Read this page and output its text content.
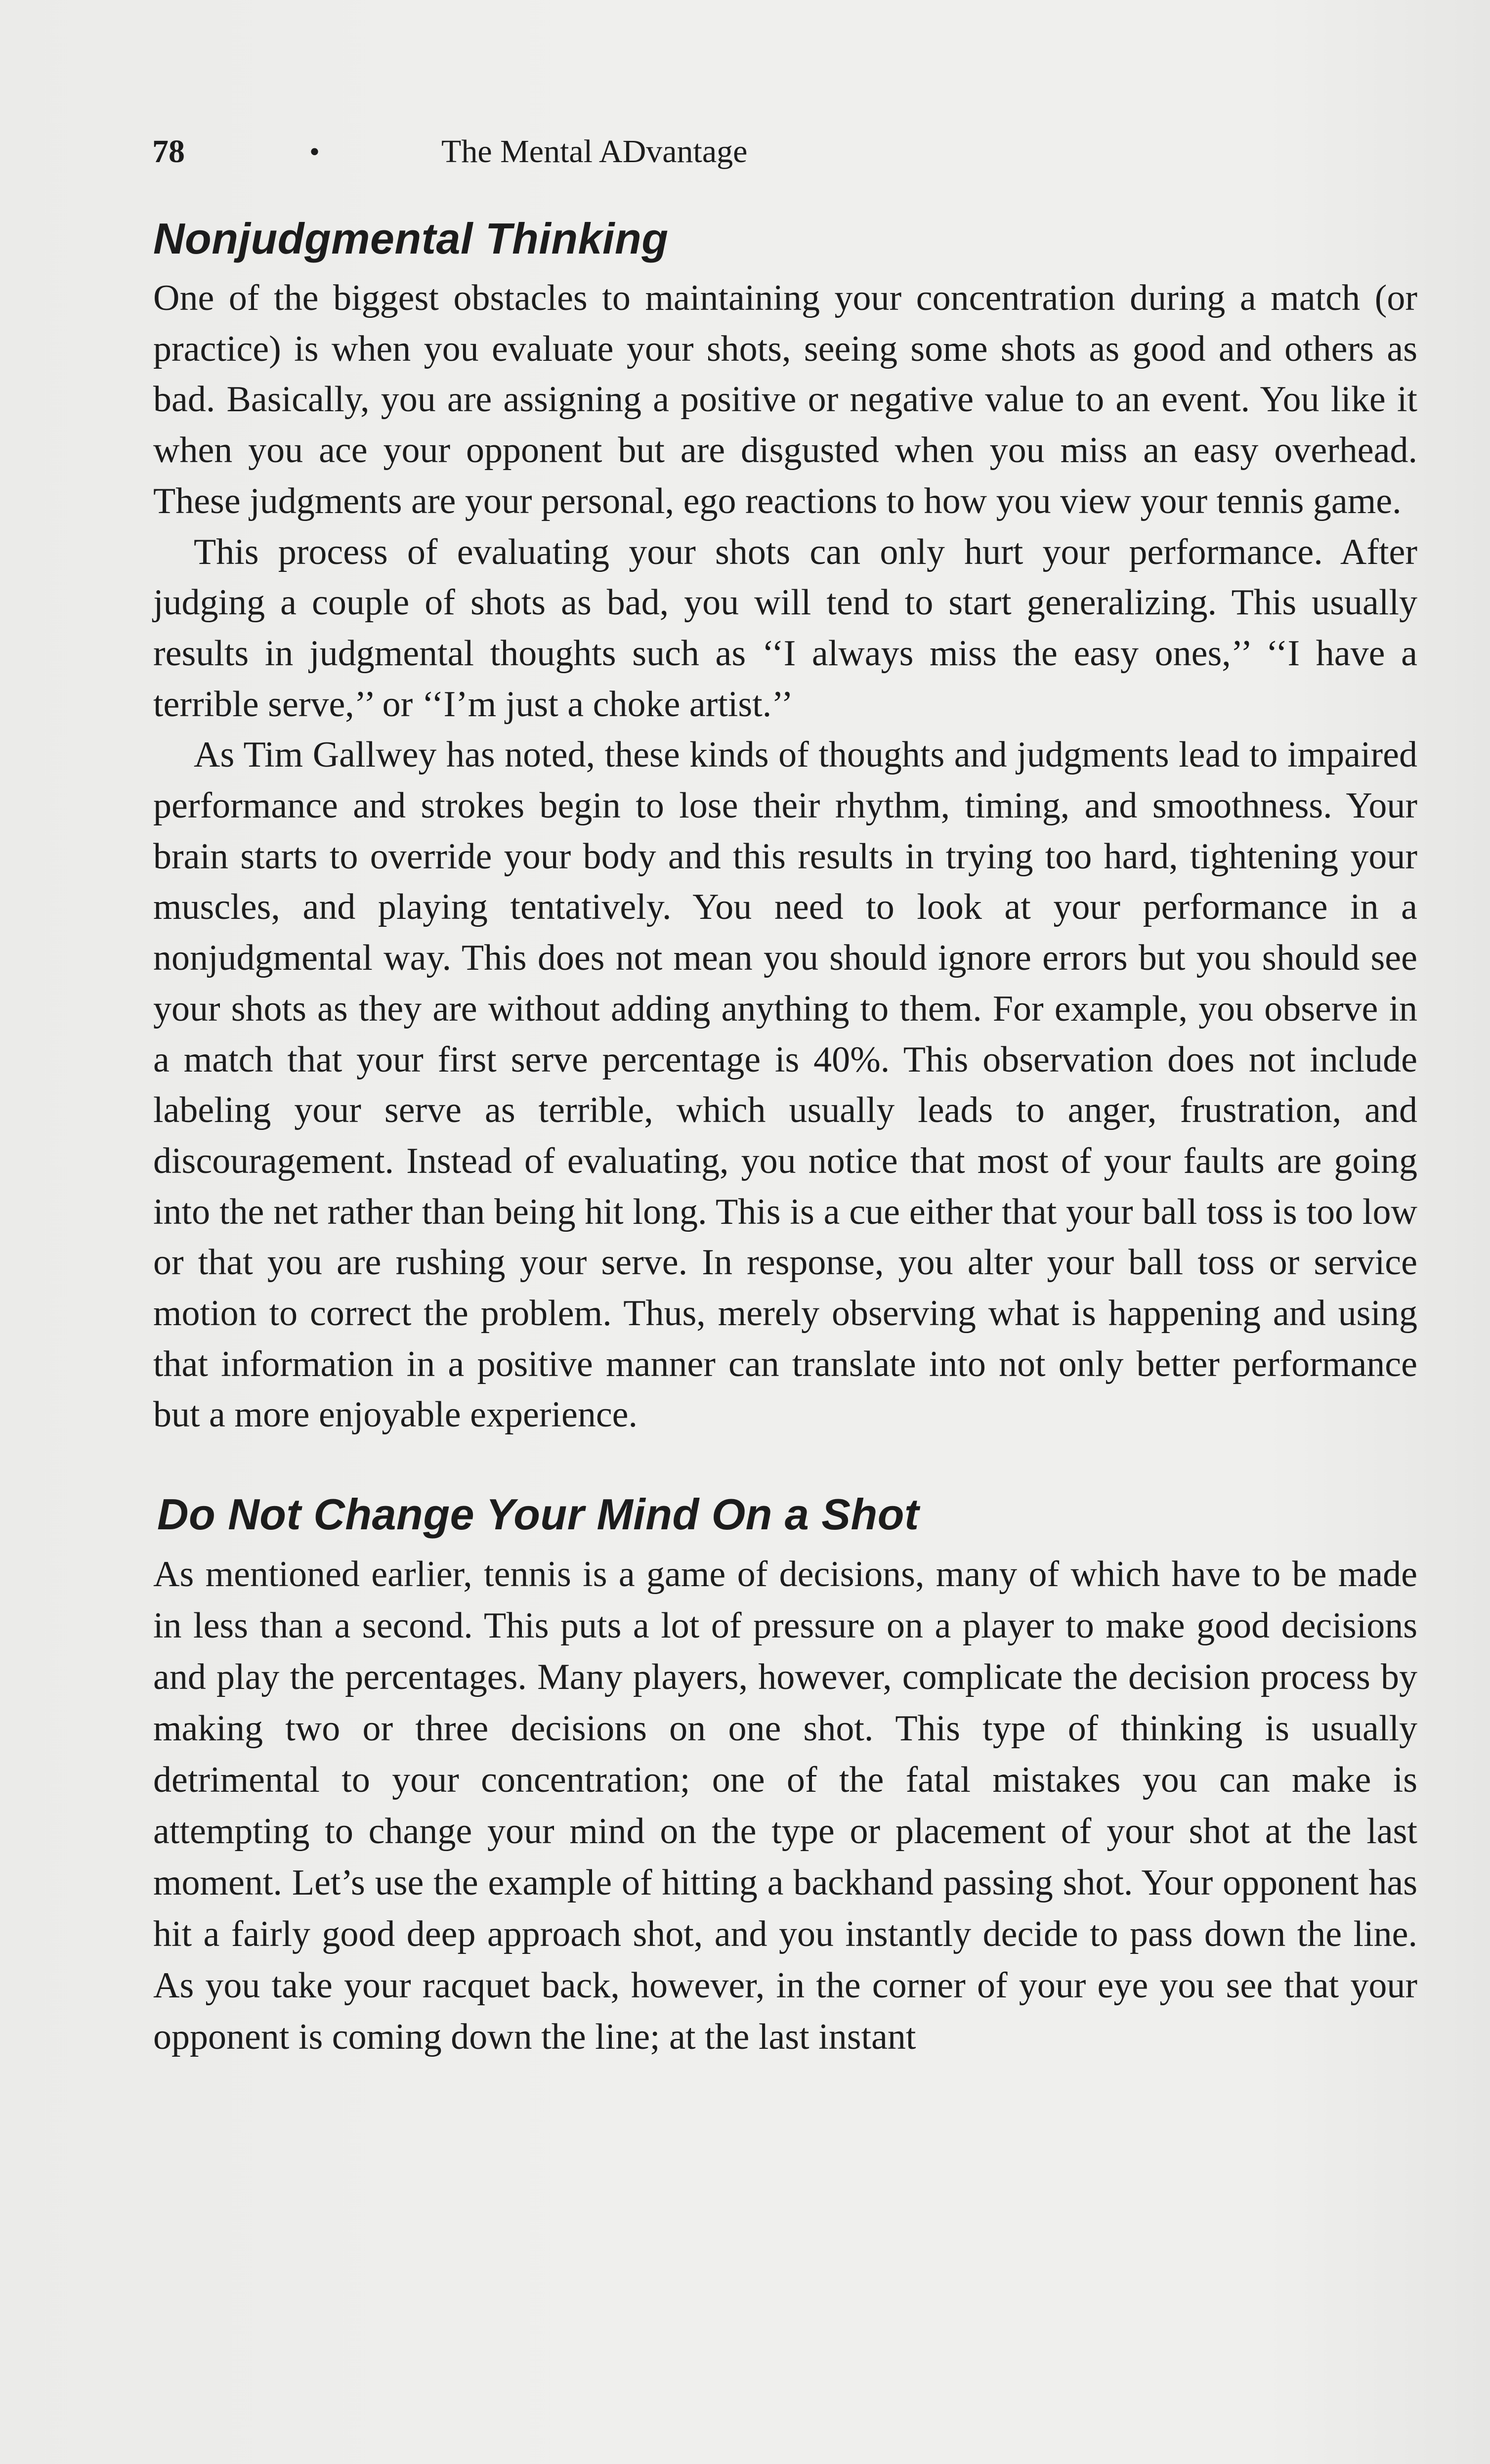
78	•	The Mental ADvantage
Nonjudgmental Thinking

One of the biggest obstacles to maintaining your concentration during a match (or practice) is when you evaluate your shots, seeing some shots as good and others as bad. Basically, you are assigning a positive or negative value to an event. You like it when you ace your opponent but are disgusted when you miss an easy overhead. These judgments are your personal, ego reactions to how you view your tennis game.

This process of evaluating your shots can only hurt your performance. After judging a couple of shots as bad, you will tend to start generalizing. This usually results in judgmental thoughts such as ‘‘I always miss the easy ones,’’ ‘‘I have a terrible serve,’’ or ‘‘I’m just a choke artist.’’

As Tim Gallwey has noted, these kinds of thoughts and judgments lead to impaired performance and strokes begin to lose their rhythm, timing, and smoothness. Your brain starts to override your body and this results in trying too hard, tightening your muscles, and playing tentatively. You need to look at your performance in a nonjudgmental way. This does not mean you should ignore errors but you should see your shots as they are without adding anything to them. For example, you observe in a match that your first serve percentage is 40%. This observation does not include labeling your serve as terrible, which usually leads to anger, frustration, and discouragement. Instead of evaluating, you notice that most of your faults are going into the net rather than being hit long. This is a cue either that your ball toss is too low or that you are rushing your serve. In response, you alter your ball toss or service motion to correct the problem. Thus, merely observing what is happening and using that information in a positive manner can translate into not only better performance but a more enjoyable experience.

Do Not Change Your Mind On a Shot

As mentioned earlier, tennis is a game of decisions, many of which have to be made in less than a second. This puts a lot of pressure on a player to make good decisions and play the percentages. Many players, however, complicate the decision process by making two or three decisions on one shot. This type of thinking is usually detrimental to your concentration; one of the fatal mistakes you can make is attempting to change your mind on the type or placement of your shot at the last moment. Let’s use the example of hitting a backhand passing shot. Your opponent has hit a fairly good deep approach shot, and you instantly decide to pass down the line. As you take your racquet back, however, in the corner of your eye you see that your opponent is coming down the line; at the last instant
